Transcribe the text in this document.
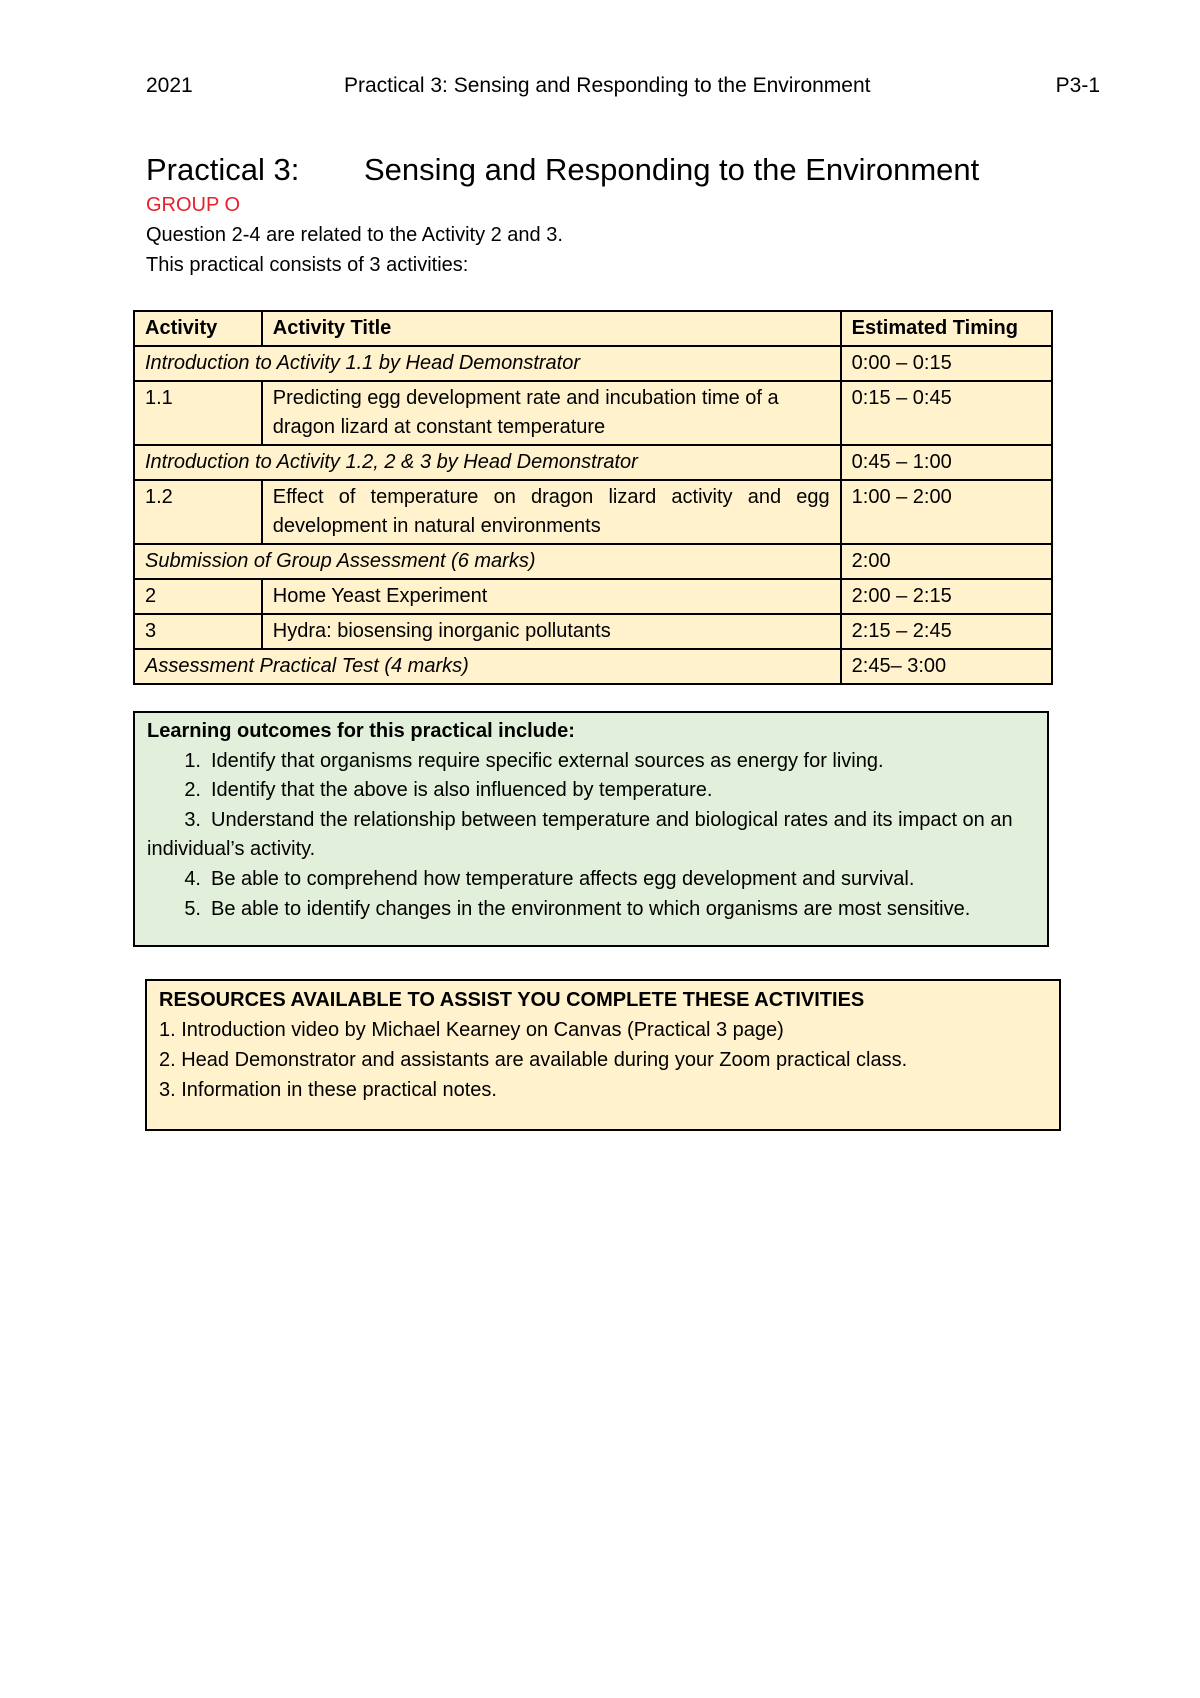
2021	Practical 3: Sensing and Responding to the Environment	P3-1
Practical 3: Sensing and Responding to the Environment
GROUP O
Question 2-4 are related to the Activity 2 and 3.
This practical consists of 3 activities:
Activity	Activity Title	Estimated Timing
Introduction to Activity 1.1 by Head Demonstrator		0:00 – 0:15
1.1	Predicting egg development rate and incubation time of a dragon lizard at constant temperature	0:15 – 0:45
Introduction to Activity 1.2, 2 & 3 by Head Demonstrator		0:45 – 1:00
1.2	Effect of temperature on dragon lizard activity and egg development in natural environments	1:00 – 2:00
Submission of Group Assessment (6 marks)		2:00
2	Home Yeast Experiment	2:00 – 2:15
3	Hydra: biosensing inorganic pollutants	2:15 – 2:45
Assessment Practical Test (4 marks)		2:45– 3:00
Learning outcomes for this practical include:
1. Identify that organisms require specific external sources as energy for living.
2. Identify that the above is also influenced by temperature.
3. Understand the relationship between temperature and biological rates and its impact on an individual’s activity.
4. Be able to comprehend how temperature affects egg development and survival.
5. Be able to identify changes in the environment to which organisms are most sensitive.
RESOURCES AVAILABLE TO ASSIST YOU COMPLETE THESE ACTIVITIES
1. Introduction video by Michael Kearney on Canvas (Practical 3 page)
2. Head Demonstrator and assistants are available during your Zoom practical class.
3. Information in these practical notes.
